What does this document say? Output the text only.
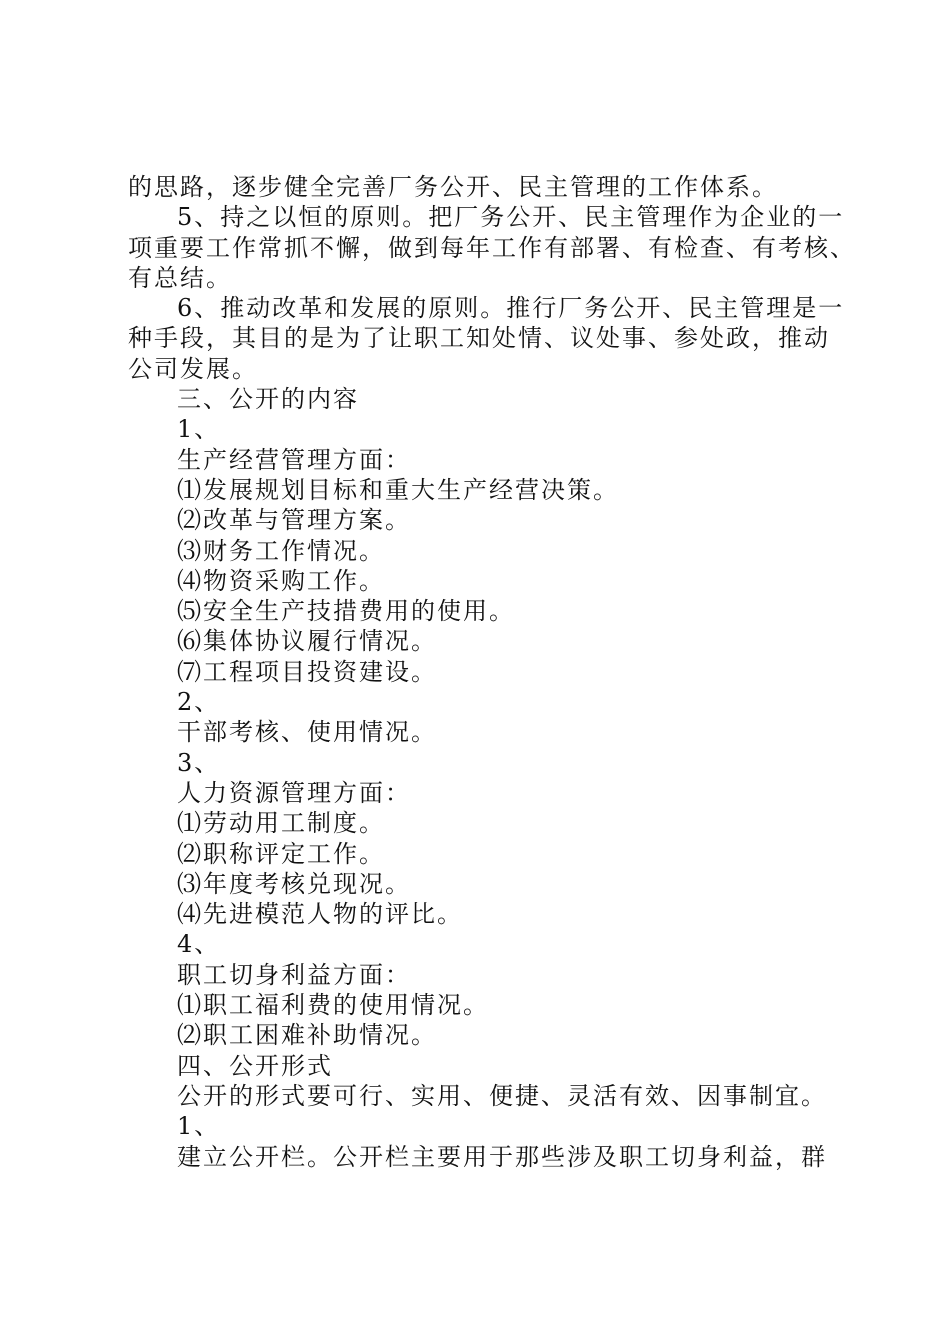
的思路，逐步健全完善厂务公开、民主管理的工作体系。
5、持之以恒的原则。把厂务公开、民主管理作为企业的一
项重要工作常抓不懈，做到每年工作有部署、有检查、有考核、
有总结。
6、推动改革和发展的原则。推行厂务公开、民主管理是一
种手段，其目的是为了让职工知处情、议处事、参处政，推动
公司发展。
三、公开的内容
1、
生产经营管理方面：
⑴发展规划目标和重大生产经营决策。
⑵改革与管理方案。
⑶财务工作情况。
⑷物资采购工作。
⑸安全生产技措费用的使用。
⑹集体协议履行情况。
⑺工程项目投资建设。
2、
干部考核、使用情况。
3、
人力资源管理方面：
⑴劳动用工制度。
⑵职称评定工作。
⑶年度考核兑现况。
⑷先进模范人物的评比。
4、
职工切身利益方面：
⑴职工福利费的使用情况。
⑵职工困难补助情况。
四、公开形式
公开的形式要可行、实用、便捷、灵活有效、因事制宜。
1、
建立公开栏。公开栏主要用于那些涉及职工切身利益，群
